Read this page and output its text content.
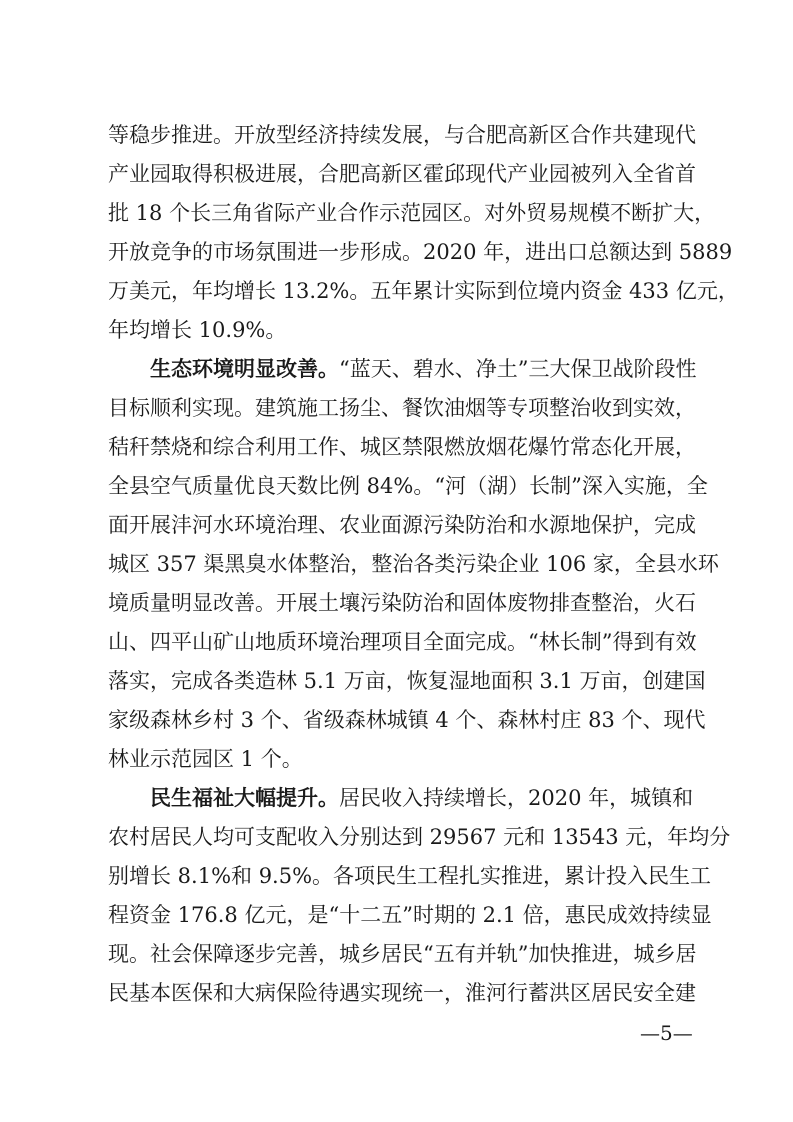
等稳步推进。开放型经济持续发展，与合肥高新区合作共建现代
产业园取得积极进展，合肥高新区霍邱现代产业园被列入全省首
批 18 个长三角省际产业合作示范园区。对外贸易规模不断扩大，
开放竞争的市场氛围进一步形成。2020 年，进出口总额达到 5889
万美元，年均增长 13.2%。五年累计实际到位境内资金 433 亿元，
年均增长 10.9%。
生态环境明显改善。“蓝天、碧水、净土”三大保卫战阶段性
目标顺利实现。建筑施工扬尘、餐饮油烟等专项整治收到实效，
秸秆禁烧和综合利用工作、城区禁限燃放烟花爆竹常态化开展，
全县空气质量优良天数比例 84%。“河（湖）长制”深入实施，全
面开展沣河水环境治理、农业面源污染防治和水源地保护，完成
城区 357 渠黑臭水体整治，整治各类污染企业 106 家，全县水环
境质量明显改善。开展土壤污染防治和固体废物排查整治，火石
山、四平山矿山地质环境治理项目全面完成。“林长制”得到有效
落实，完成各类造林 5.1 万亩，恢复湿地面积 3.1 万亩，创建国
家级森林乡村 3 个、省级森林城镇 4 个、森林村庄 83 个、现代
林业示范园区 1 个。
民生福祉大幅提升。居民收入持续增长，2020 年，城镇和
农村居民人均可支配收入分别达到 29567 元和 13543 元，年均分
别增长 8.1%和 9.5%。各项民生工程扎实推进，累计投入民生工
程资金 176.8 亿元，是“十二五”时期的 2.1 倍，惠民成效持续显
现。社会保障逐步完善，城乡居民“五有并轨”加快推进，城乡居
民基本医保和大病保险待遇实现统一，淮河行蓄洪区居民安全建
—5—
